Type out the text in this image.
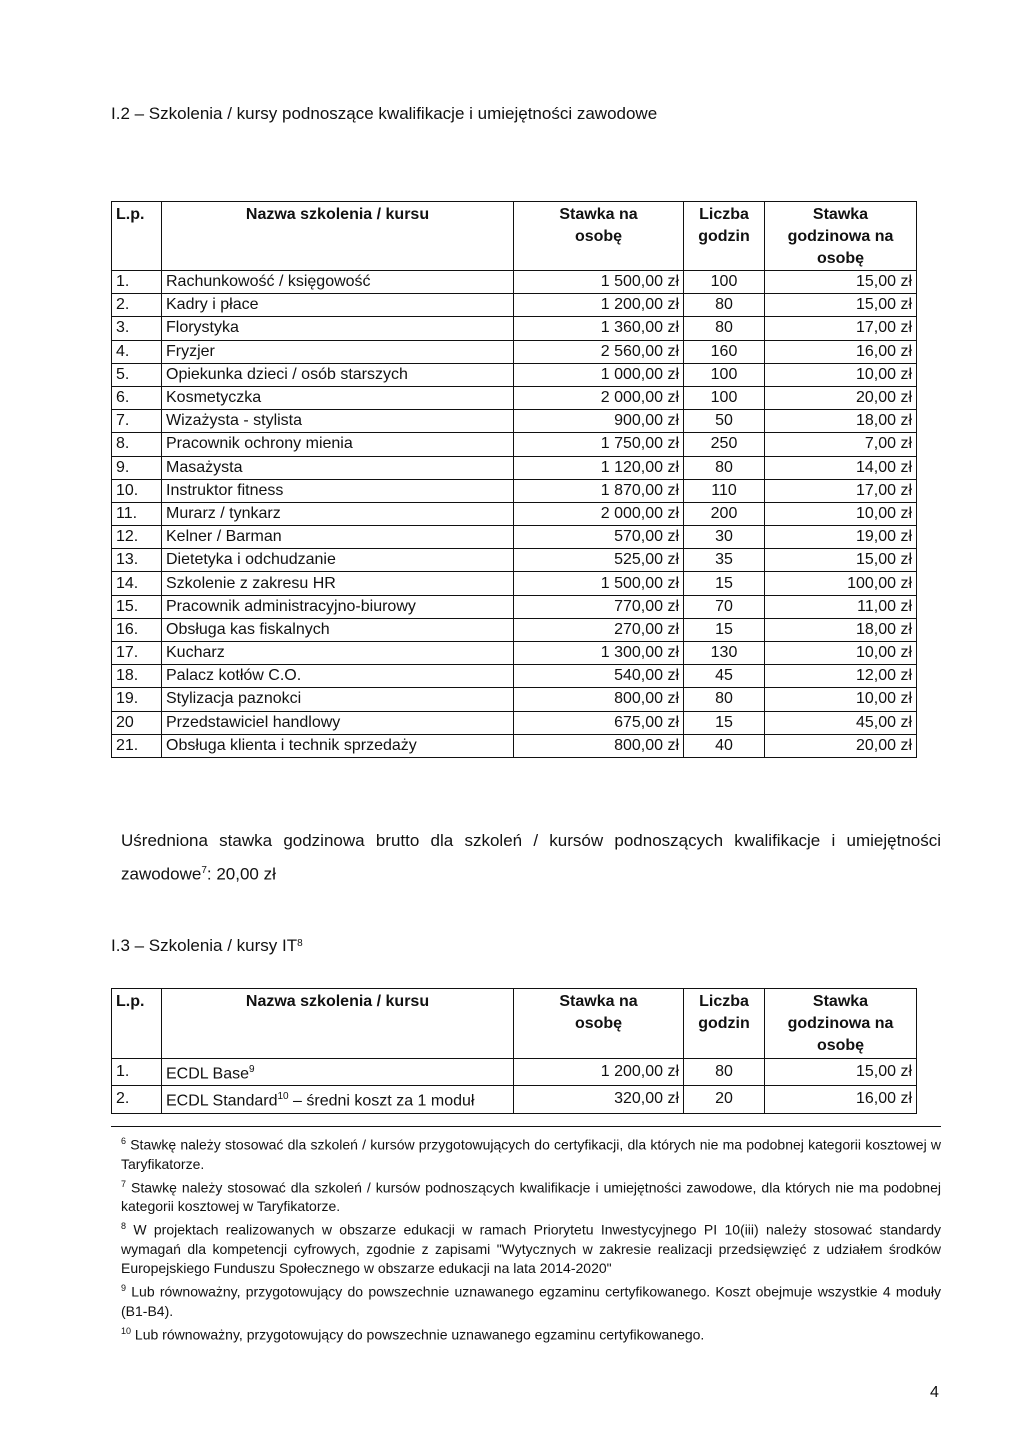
I.2 – Szkolenia / kursy podnoszące kwalifikacje i umiejętności zawodowe
L.p.	Nazwa szkolenia / kursu	Stawka na osobę	Liczba godzin	Stawka godzinowa na osobę
1.	Rachunkowość / księgowość	1 500,00 zł	100	15,00 zł
2.	Kadry i płace	1 200,00 zł	80	15,00 zł
3.	Florystyka	1 360,00 zł	80	17,00 zł
4.	Fryzjer	2 560,00 zł	160	16,00 zł
5.	Opiekunka dzieci / osób starszych	1 000,00 zł	100	10,00 zł
6.	Kosmetyczka	2 000,00 zł	100	20,00 zł
7.	Wizażysta - stylista	900,00 zł	50	18,00 zł
8.	Pracownik ochrony mienia	1 750,00 zł	250	7,00 zł
9.	Masażysta	1 120,00 zł	80	14,00 zł
10.	Instruktor fitness	1 870,00 zł	110	17,00 zł
11.	Murarz / tynkarz	2 000,00 zł	200	10,00 zł
12.	Kelner / Barman	570,00 zł	30	19,00 zł
13.	Dietetyka i odchudzanie	525,00 zł	35	15,00 zł
14.	Szkolenie z zakresu HR	1 500,00 zł	15	100,00 zł
15.	Pracownik administracyjno-biurowy	770,00 zł	70	11,00 zł
16.	Obsługa kas fiskalnych	270,00 zł	15	18,00 zł
17.	Kucharz	1 300,00 zł	130	10,00 zł
18.	Palacz kotłów C.O.	540,00 zł	45	12,00 zł
19.	Stylizacja paznokci	800,00 zł	80	10,00 zł
20	Przedstawiciel handlowy	675,00 zł	15	45,00 zł
21.	Obsługa klienta i technik sprzedaży	800,00 zł	40	20,00 zł
Uśredniona stawka godzinowa brutto dla szkoleń / kursów podnoszących kwalifikacje i umiejętności zawodowe$^7$: 20,00 zł
I.3 – Szkolenia / kursy $IT^8$
L.p.	Nazwa szkolenia / kursu	Stawka na osobę	Liczba godzin	Stawka godzinowa na osobę
1.	ECDL Base$^9$	1 200,00 zł	80	15,00 zł
2.	ECDL Standard$^{10}$ – średni koszt za 1 moduł	320,00 zł	20	16,00 zł
$^6$ Stawkę należy stosować dla szkoleń / kursów przygotowujących do certyfikacji, dla których nie ma podobnej kategorii kosztowej w Taryfikatorze.
$^7$ Stawkę należy stosować dla szkoleń / kursów podnoszących kwalifikacje i umiejętności zawodowe, dla których nie ma podobnej kategorii kosztowej w Taryfikatorze.
$^8$ W projektach realizowanych w obszarze edukacji w ramach Priorytetu Inwestycyjnego PI 10(iii) należy stosować standardy wymagań dla kompetencji cyfrowych, zgodnie z zapisami "Wytycznych w zakresie realizacji przedsięwzięć z udziałem środków Europejskiego Funduszu Społecznego w obszarze edukacji na lata 2014-2020"
$^9$ Lub równoważny, przygotowujący do powszechnie uznawanego egzaminu certyfikowanego. Koszt obejmuje wszystkie 4 moduły (B1-B4).
$^{10}$ Lub równoważny, przygotowujący do powszechnie uznawanego egzaminu certyfikowanego.
4
